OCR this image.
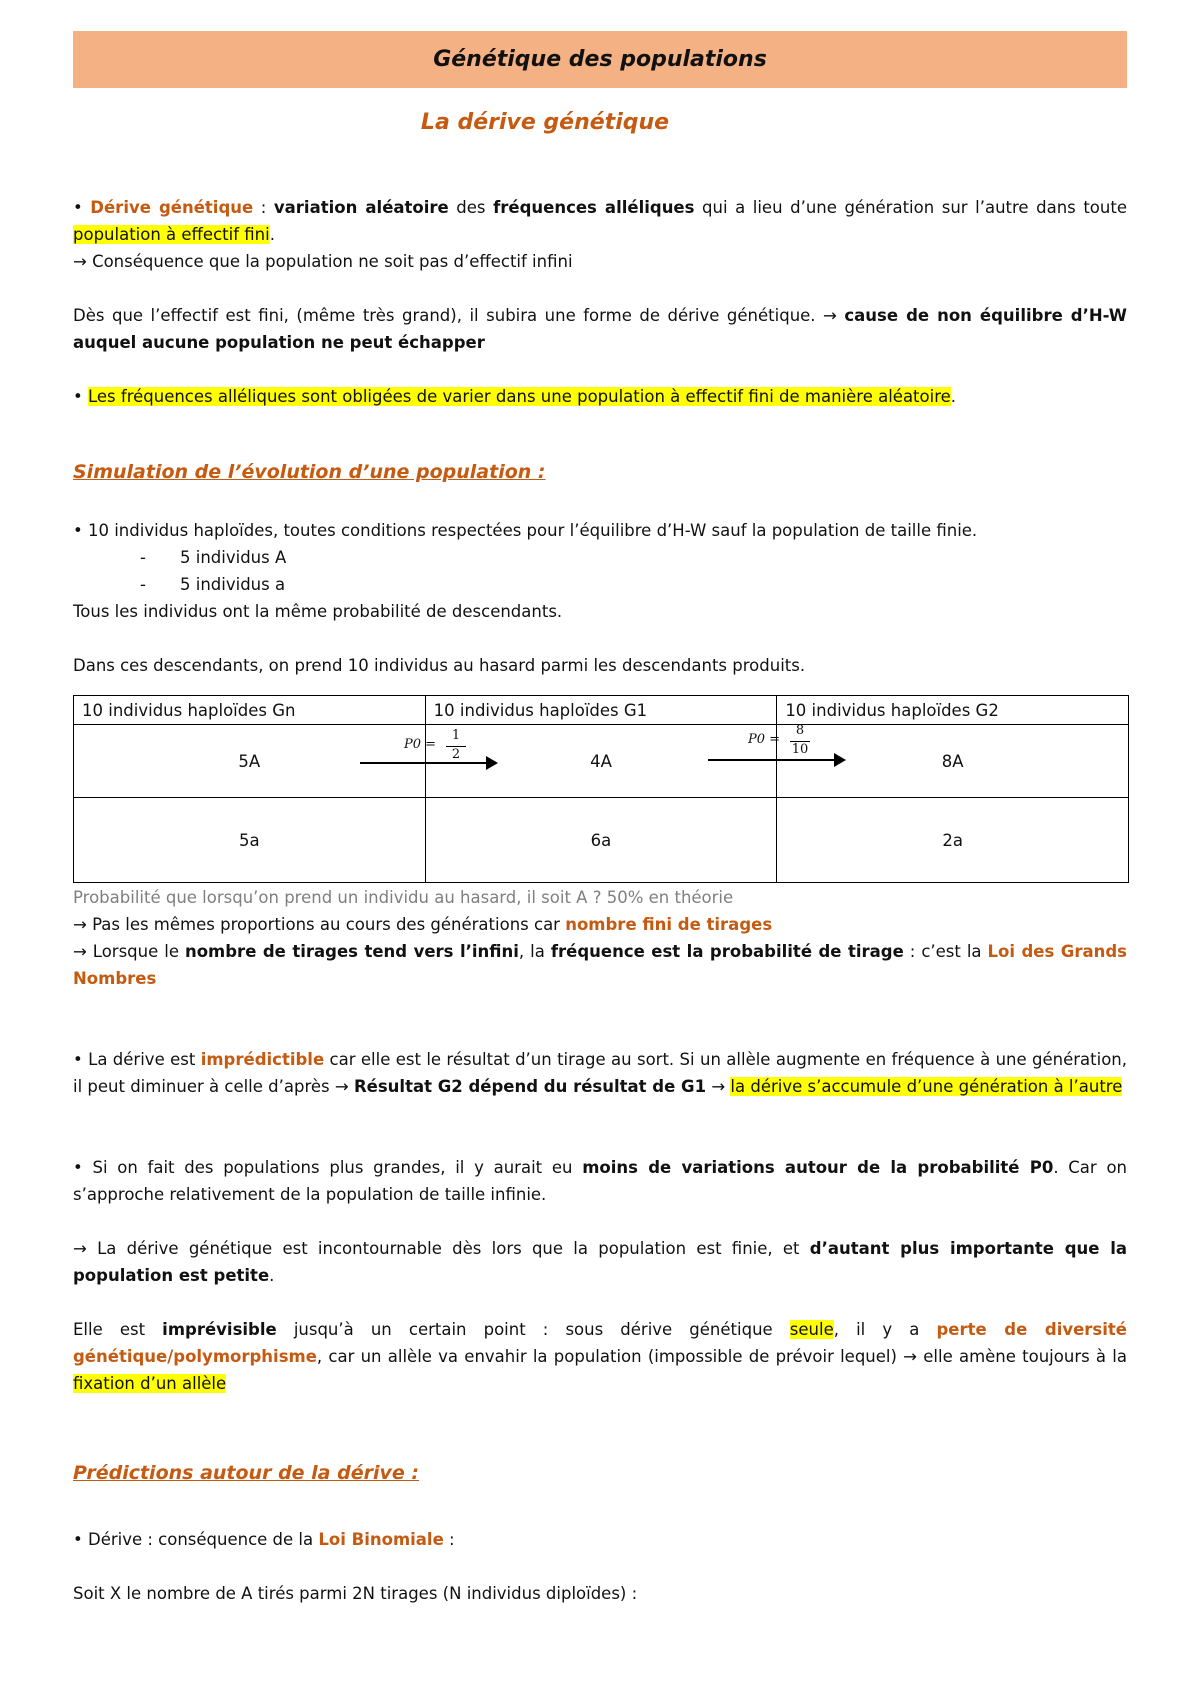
Génétique des populations
La dérive génétique
• Dérive génétique : variation aléatoire des fréquences alléliques qui a lieu d’une génération sur l’autre dans toute population à effectif fini.
→ Conséquence que la population ne soit pas d’effectif infini
Dès que l’effectif est fini, (même très grand), il subira une forme de dérive génétique. → cause de non équilibre d’H-W auquel aucune population ne peut échapper
• Les fréquences alléliques sont obligées de varier dans une population à effectif fini de manière aléatoire.
Simulation de l’évolution d’une population :
• 10 individus haploïdes, toutes conditions respectées pour l’équilibre d’H-W sauf la population de taille finie.
- 5 individus A
- 5 individus a
Tous les individus ont la même probabilité de descendants.
Dans ces descendants, on prend 10 individus au hasard parmi les descendants produits.
10 individus haploïdes Gn	10 individus haploïdes G1	10 individus haploïdes G2
5A	4A	8A
5a	6a	2a
P0 =
1
2
P0 =
8
10
Probabilité que lorsqu’on prend un individu au hasard, il soit A ? 50% en théorie
→ Pas les mêmes proportions au cours des générations car nombre fini de tirages
→ Lorsque le nombre de tirages tend vers l’infini, la fréquence est la probabilité de tirage : c’est la Loi des Grands Nombres
• La dérive est imprédictible car elle est le résultat d’un tirage au sort. Si un allèle augmente en fréquence à une génération, il peut diminuer à celle d’après → Résultat G2 dépend du résultat de G1 → la dérive s’accumule d’une génération à l’autre
• Si on fait des populations plus grandes, il y aurait eu moins de variations autour de la probabilité P0. Car on s’approche relativement de la population de taille infinie.
→ La dérive génétique est incontournable dès lors que la population est finie, et d’autant plus importante que la population est petite.
Elle est imprévisible jusqu’à un certain point : sous dérive génétique seule, il y a perte de diversité génétique/polymorphisme, car un allèle va envahir la population (impossible de prévoir lequel) → elle amène toujours à la fixation d’un allèle
Prédictions autour de la dérive :
• Dérive : conséquence de la Loi Binomiale :
Soit X le nombre de A tirés parmi 2N tirages (N individus diploïdes) :
